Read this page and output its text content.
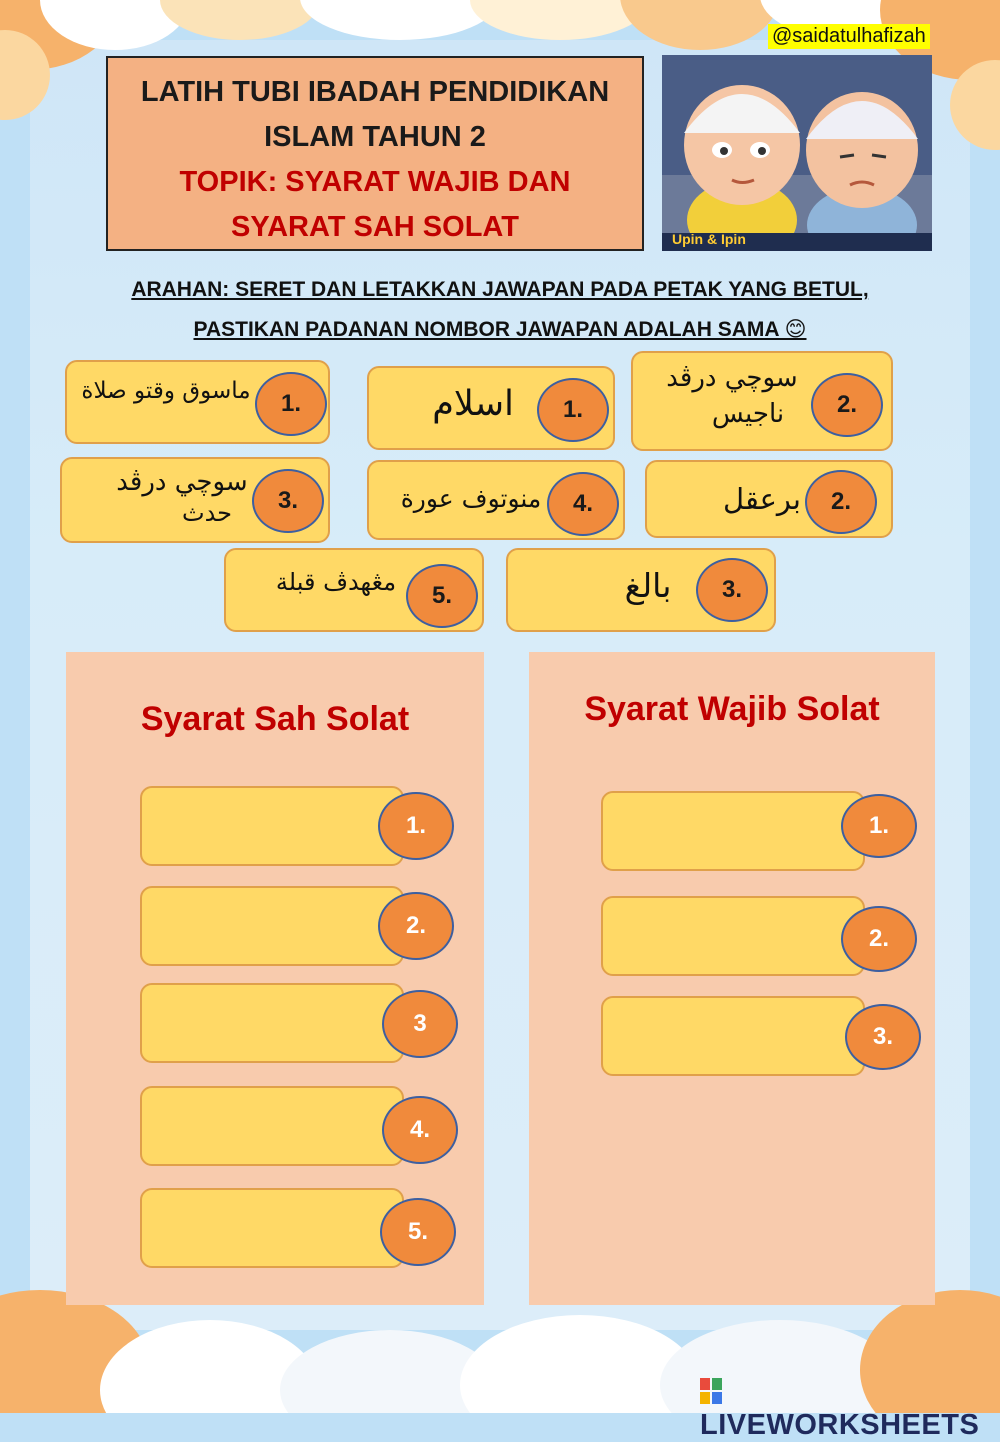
@saidatulhafizah
LATIH TUBI IBADAH PENDIDIKAN
ISLAM TAHUN 2
TOPIK: SYARAT WAJIB DAN
SYARAT SAH SOLAT	Upin & Ipin
ARAHAN: SERET DAN LETAKKAN JAWAPAN PADA PETAK YANG BETUL,
PASTIKAN PADANAN NOMBOR JAWAPAN ADALAH SAMA 😊
ماسوق وقتو صلاة	1.	اسلام	1.
سوچي درڤد
ناجيس	2.
سوچي درڤد
حدث	3.	منوتوف عورة	4.	برعقل	2.
مڠهدڤ قبلة	5.	بالغ	3.
Syarat Sah Solat
1.
2.
3
4.
5.
Syarat Wajib Solat
1.
2.
3.
LIVEWORKSHEETS
